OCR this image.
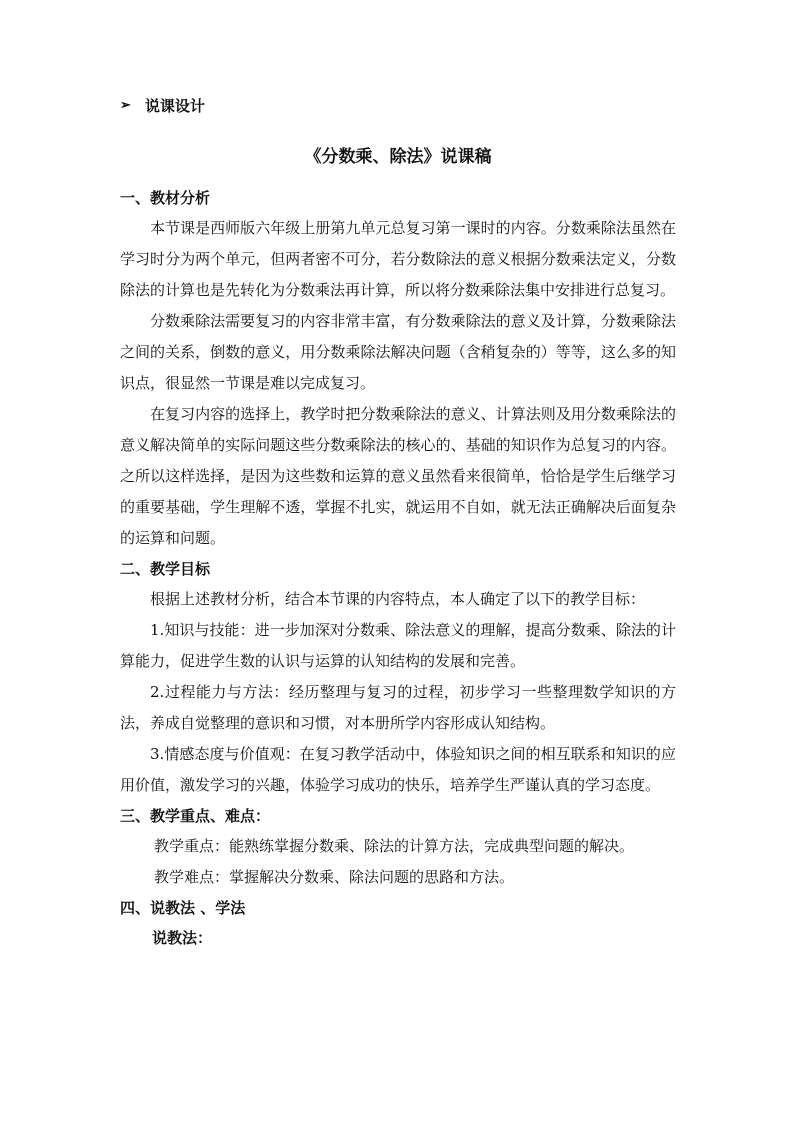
➢ 说课设计
《分数乘、除法》说课稿
一、教材分析

本节课是西师版六年级上册第九单元总复习第一课时的内容。分数乘除法虽然在学习时分为两个单元，但两者密不可分，若分数除法的意义根据分数乘法定义，分数除法的计算也是先转化为分数乘法再计算，所以将分数乘除法集中安排进行总复习。

分数乘除法需要复习的内容非常丰富，有分数乘除法的意义及计算，分数乘除法之间的关系，倒数的意义，用分数乘除法解决问题（含稍复杂的）等等，这么多的知识点，很显然一节课是难以完成复习。

在复习内容的选择上，教学时把分数乘除法的意义、计算法则及用分数乘除法的意义解决简单的实际问题这些分数乘除法的核心的、基础的知识作为总复习的内容。之所以这样选择，是因为这些数和运算的意义虽然看来很简单，恰恰是学生后继学习的重要基础，学生理解不透，掌握不扎实，就运用不自如，就无法正确解决后面复杂的运算和问题。

二、教学目标

根据上述教材分析，结合本节课的内容特点，本人确定了以下的教学目标：

1.知识与技能：进一步加深对分数乘、除法意义的理解，提高分数乘、除法的计算能力，促进学生数的认识与运算的认知结构的发展和完善。

2.过程能力与方法：经历整理与复习的过程，初步学习一些整理数学知识的方法，养成自觉整理的意识和习惯，对本册所学内容形成认知结构。

3.情感态度与价值观：在复习教学活动中，体验知识之间的相互联系和知识的应用价值，激发学习的兴趣，体验学习成功的快乐，培养学生严谨认真的学习态度。

三、教学重点、难点：

教学重点：能熟练掌握分数乘、除法的计算方法，完成典型问题的解决。

教学难点：掌握解决分数乘、除法问题的思路和方法。

四、说教法 、学法
说教法：
